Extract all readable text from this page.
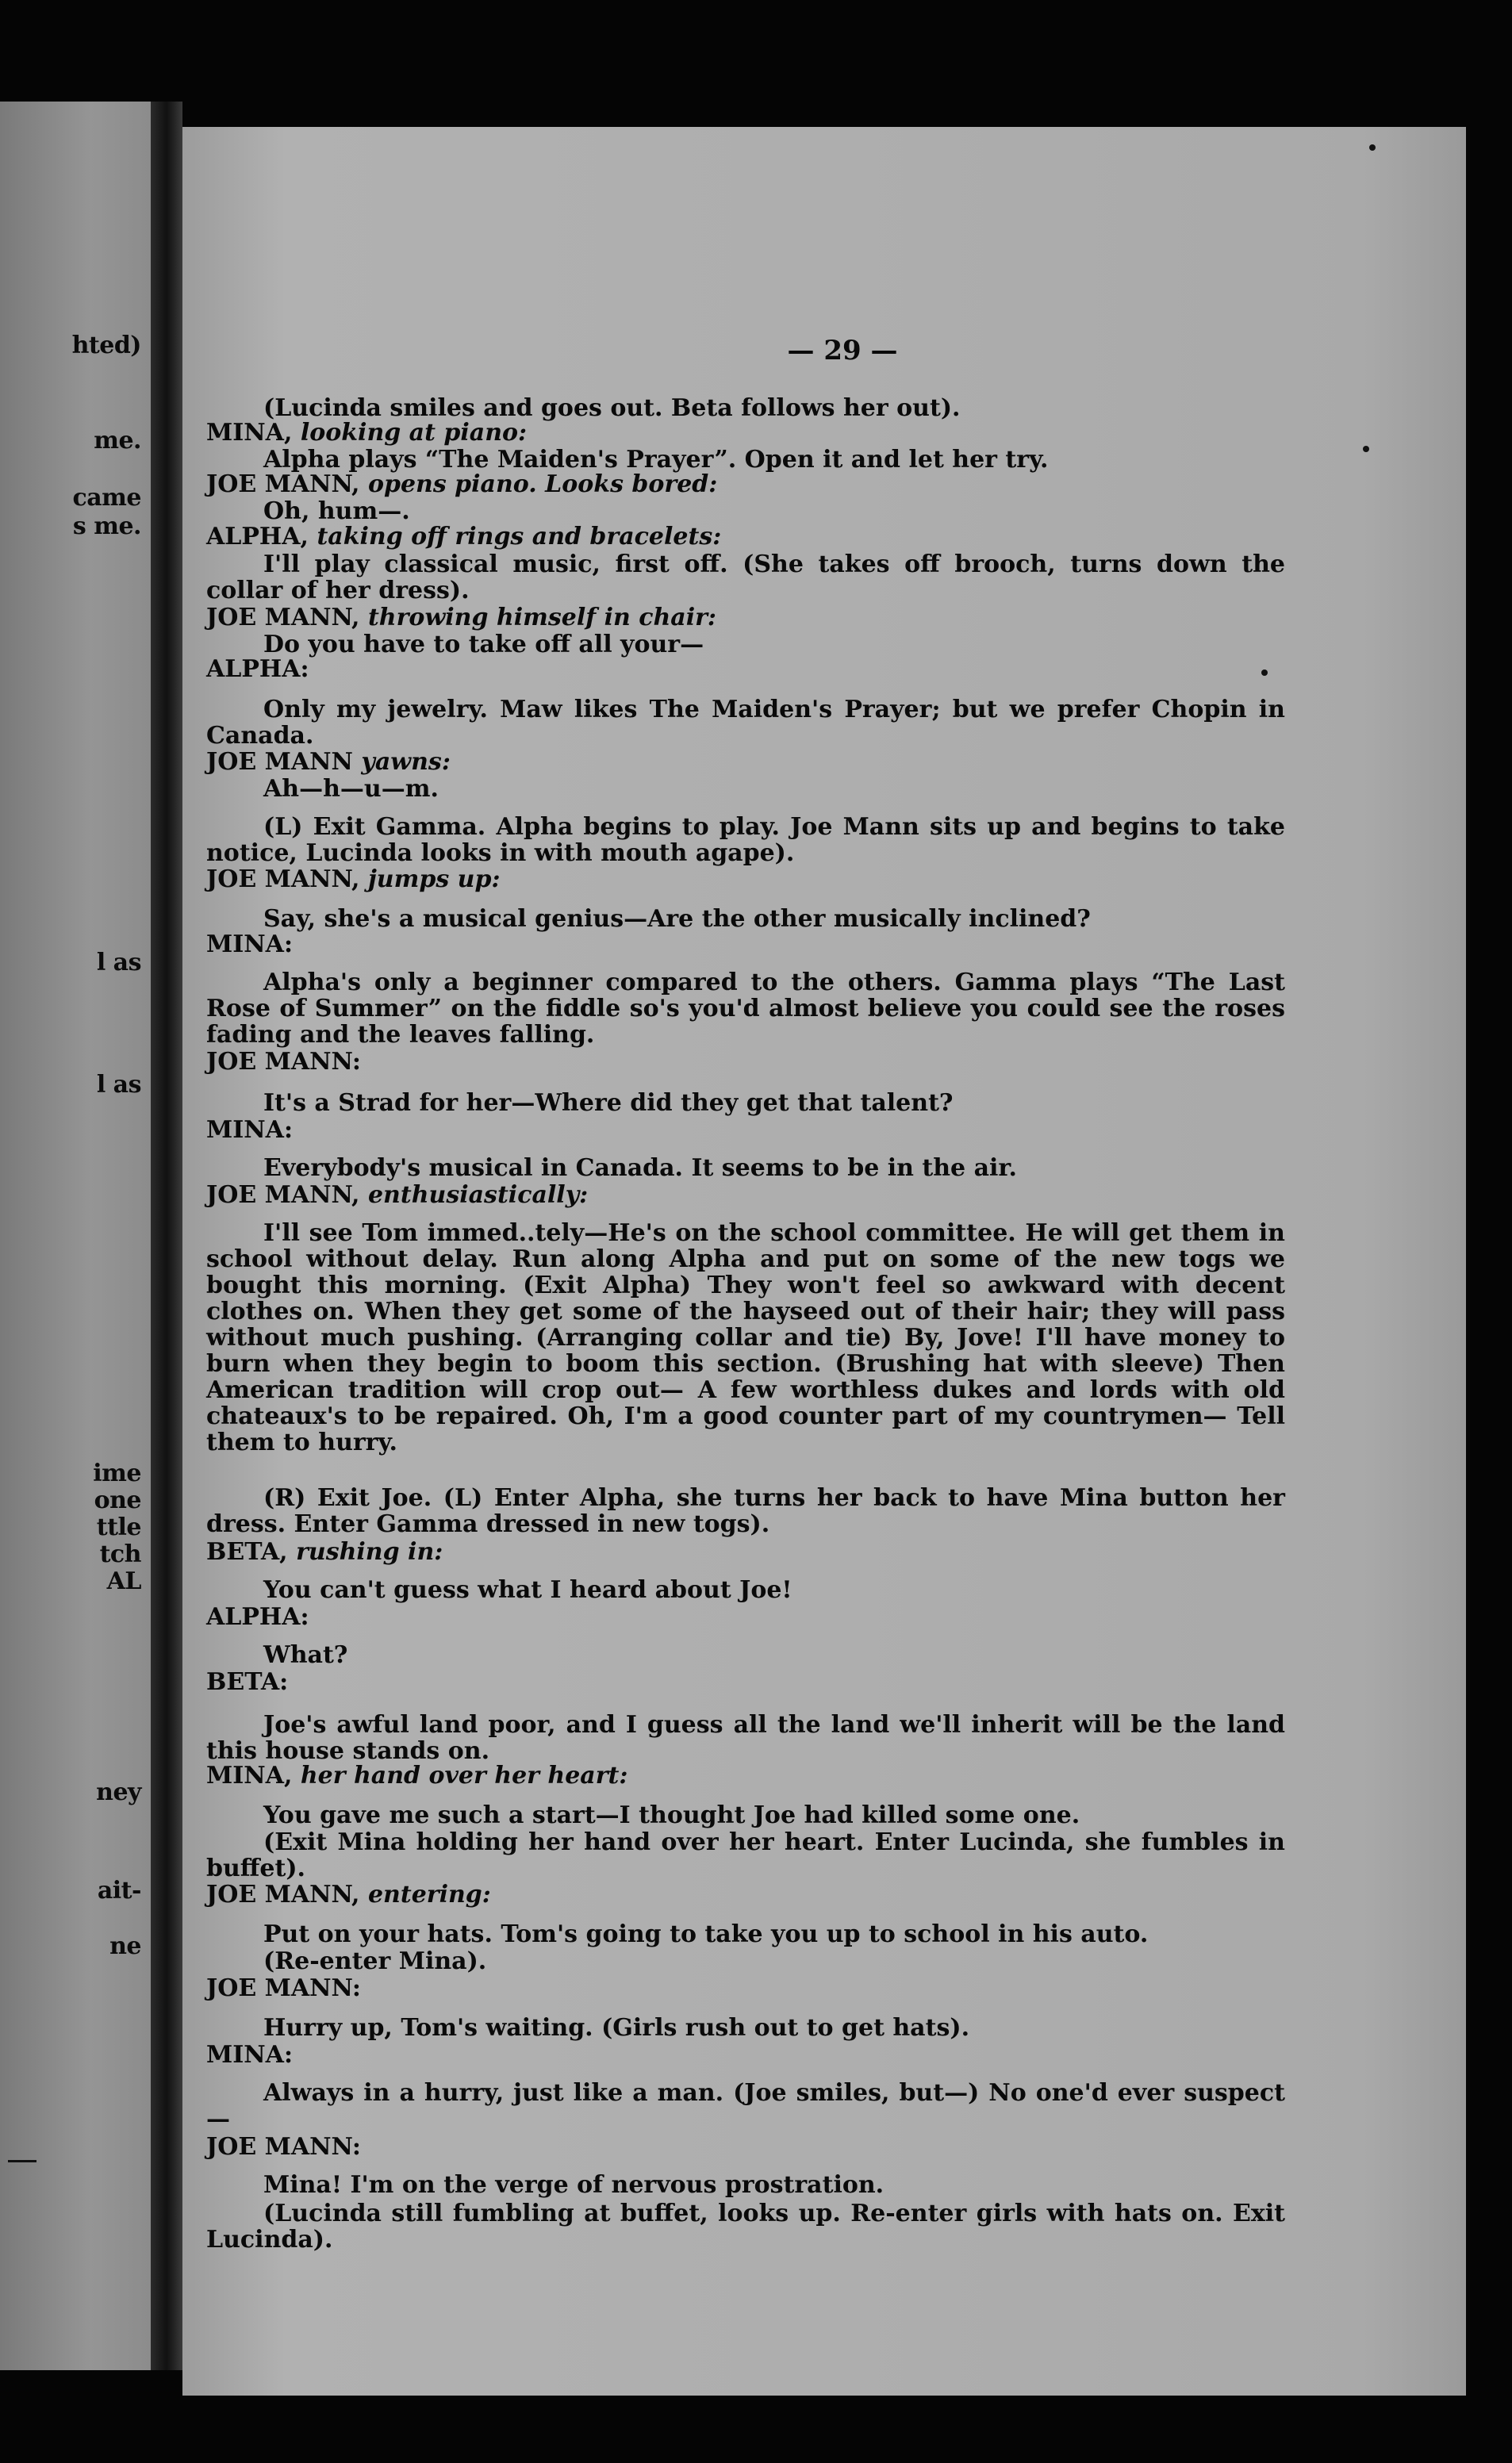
hted)
me.
came
s me.
l as
l as
ime
one
ttle
tch
AL
ney
ait-
ne
— 29 —
(Lucinda smiles and goes out. Beta follows her out).
MINA, looking at piano:
Alpha plays “The Maiden's Prayer”. Open it and let her try.
JOE MANN, opens piano. Looks bored:
Oh, hum—.
ALPHA, taking off rings and bracelets:
I'll play classical music, first off. (She takes off brooch, turns down the collar of her dress).
JOE MANN, throwing himself in chair:
Do you have to take off all your—
ALPHA:
Only my jewelry. Maw likes The Maiden's Prayer; but we prefer Chopin in Canada.
JOE MANN yawns:
Ah—h—u—m.
(L) Exit Gamma. Alpha begins to play. Joe Mann sits up and begins to take notice, Lucinda looks in with mouth agape).
JOE MANN, jumps up:
Say, she's a musical genius—Are the other musically inclined?
MINA:
Alpha's only a beginner compared to the others. Gamma plays “The Last Rose of Summer” on the fiddle so's you'd almost believe you could see the roses fading and the leaves falling.
JOE MANN:
It's a Strad for her—Where did they get that talent?
MINA:
Everybody's musical in Canada. It seems to be in the air.
JOE MANN, enthusiastically:
I'll see Tom immed..tely—He's on the school committee. He will get them in school without delay. Run along Alpha and put on some of the new togs we bought this morning. (Exit Alpha) They won't feel so awkward with decent clothes on. When they get some of the hayseed out of their hair; they will pass without much pushing. (Arranging collar and tie) By, Jove! I'll have money to burn when they begin to boom this section. (Brushing hat with sleeve) Then American tradition will crop out— A few worthless dukes and lords with old chateaux's to be repaired. Oh, I'm a good counter part of my countrymen— Tell them to hurry.
(R) Exit Joe. (L) Enter Alpha, she turns her back to have Mina button her dress. Enter Gamma dressed in new togs).
BETA, rushing in:
You can't guess what I heard about Joe!
ALPHA:
What?
BETA:
Joe's awful land poor, and I guess all the land we'll inherit will be the land this house stands on.
MINA, her hand over her heart:
You gave me such a start—I thought Joe had killed some one.
(Exit Mina holding her hand over her heart. Enter Lucinda, she fumbles in buffet).
JOE MANN, entering:
Put on your hats. Tom's going to take you up to school in his auto.
(Re-enter Mina).
JOE MANN:
Hurry up, Tom's waiting. (Girls rush out to get hats).
MINA:
Always in a hurry, just like a man. (Joe smiles, but—) No one'd ever suspect—
JOE MANN:
Mina! I'm on the verge of nervous prostration.
(Lucinda still fumbling at buffet, looks up. Re-enter girls with hats on. Exit Lucinda).
